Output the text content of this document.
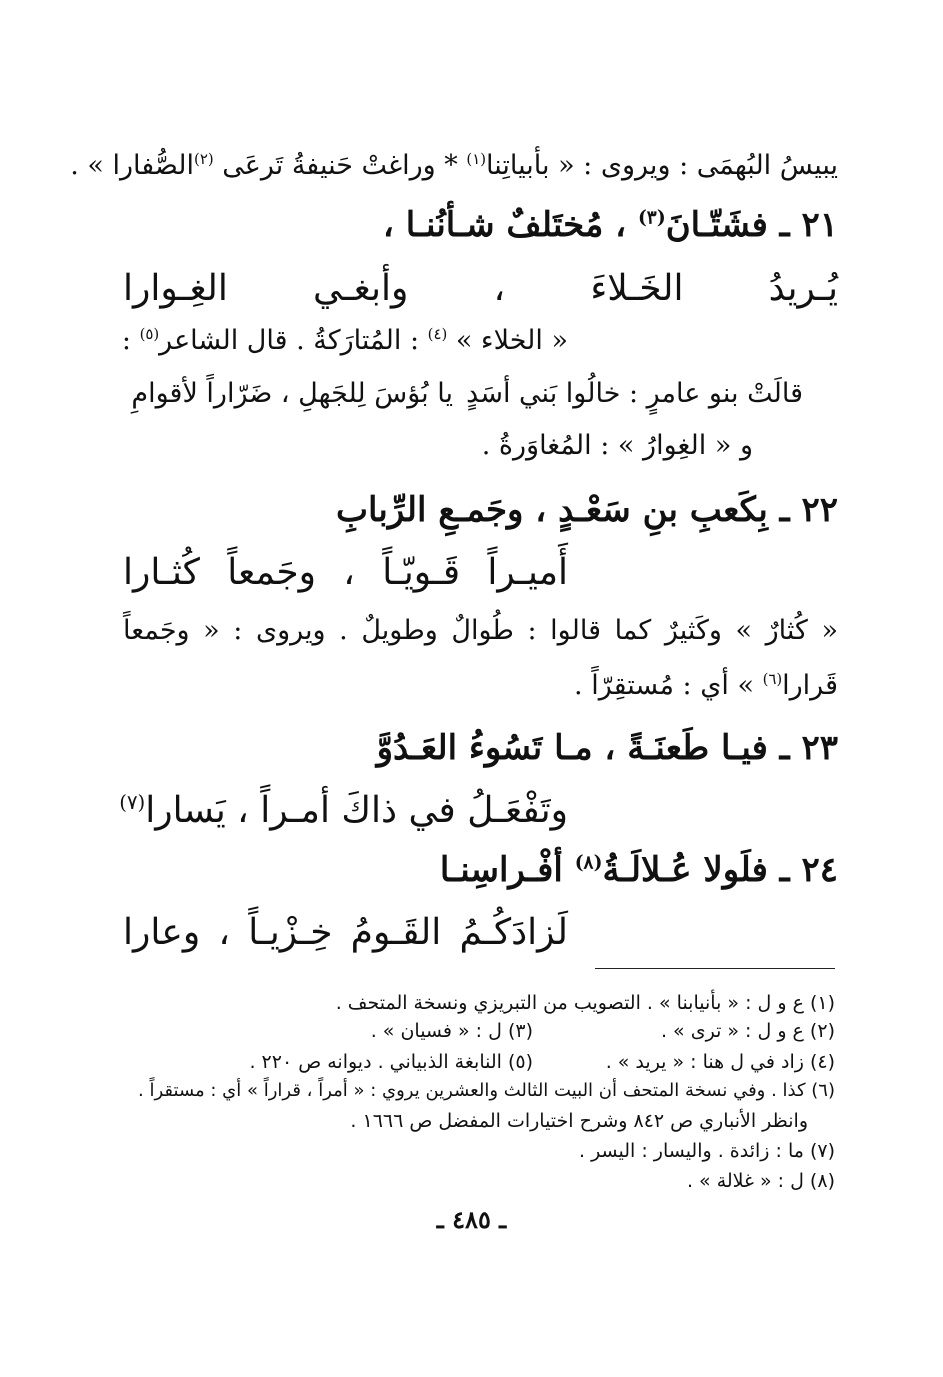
يبيسُ البُهمَى : ويروى : « بأبياتِنا$^{(١)}$ * وراغتْ حَنيفةُ تَرعَى $^{(٢)}$الصُّفارا » .
٢١ ـ فشَتّـانَ$^{(٣)}$ ، مُختَلفٌ شـأنُنـا ،
يُـريدُ الخَـلاءَ ، وأبغـي الغِـوارا
« الخلاء » $^{(٤)}$ : المُتارَكةُ . قال الشاعر$^{(٥)}$ :
قالَتْ بنو عامرٍ : خالُوا بَني أسَدٍ
يا بُؤسَ لِلجَهلِ ، ضَرّاراً لأقوامِ
و « الغِوارُ » : المُغاوَرةُ .
٢٢ ـ بِكَعبِ بنِ سَعْـدٍ ، وجَمـعِ الرِّبابِ
أَميـراً قَـويّـاً ، وجَمعاً كُثـارا
« كُثارٌ » وكَثيرٌ كما قالوا : طُوالٌ وطويلٌ . ويروى : « وجَمعاً
قَرارا$^{(٦)}$ » أي : مُستقِرّاً .
٢٣ ـ فيـا طَعنَـةً ، مـا تَسُوءُ العَـدُوَّ
وتَفْعَـلُ في ذاكَ أمـراً ، يَسارا$^{(٧)}$
٢٤ ـ فلَولا عُـلالَـةُ$^{(٨)}$ أفْـراسِنـا
لَزادَكُـمُ القَـومُ خِـزْيـاً ، وعارا
(١) ع و ل : « بأنيابنا » . التصويب من التبريزي ونسخة المتحف .
(٢) ع و ل : « ترى » .
(٣) ل : « فسيان » .
(٤) زاد في ل هنا : « يريد » .
(٥) النابغة الذبياني . ديوانه ص ٢٢٠ .
(٦) كذا . وفي نسخة المتحف أن البيت الثالث والعشرين يروي : « أمراً ، قراراً » أي : مستقراً .
وانظر الأنباري ص ٨٤٢ وشرح اختيارات المفضل ص ١٦٦٦ .
(٧) ما : زائدة . واليسار : اليسر .
(٨) ل : « غلالة » .
ـ ٤٨٥ ـ
